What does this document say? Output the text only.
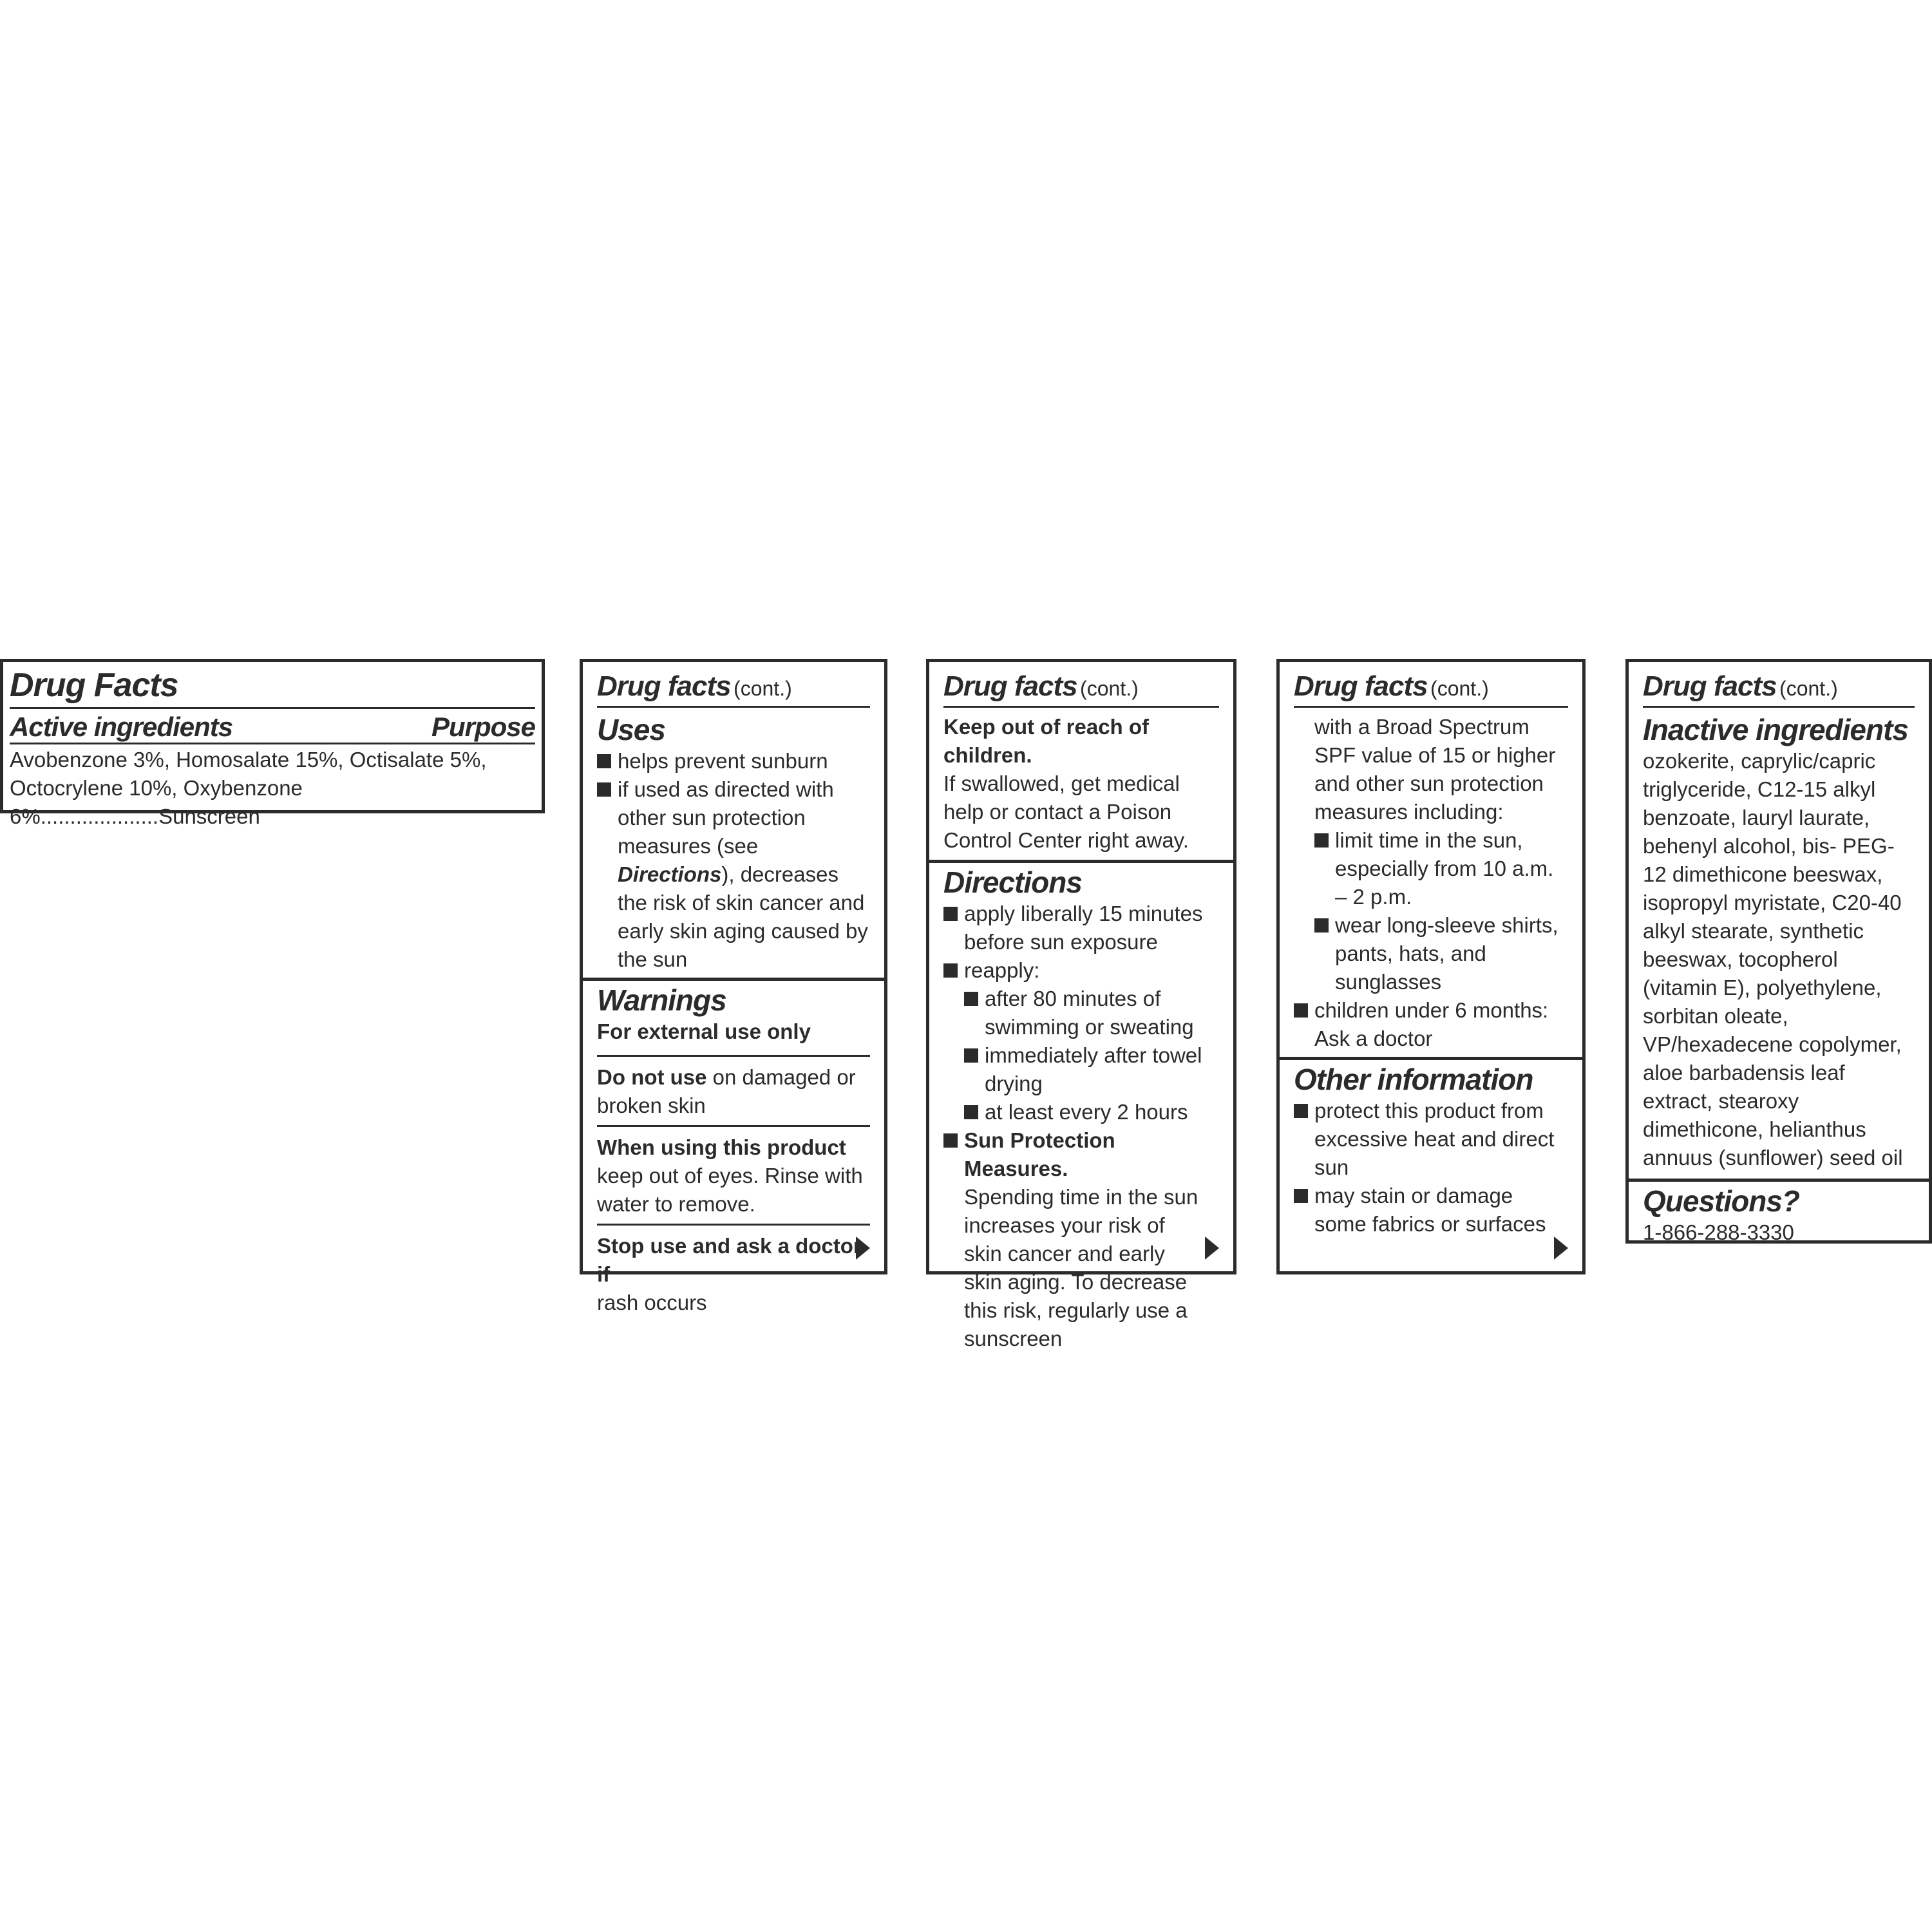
Drug Facts
Active ingredients	Purpose
Avobenzone 3%, Homosalate 15%, Octisalate 5%,
Octocrylene 10%, Oxybenzone 6%....................Sunscreen
Drug facts (cont.)
Uses
helps prevent sunburn
if used as directed with other sun protection measures (see Directions), decreases the risk of skin cancer and early skin aging caused by the sun
Warnings
For external use only
Do not use on damaged or broken skin
When using this product keep out of eyes. Rinse with water to remove.
Stop use and ask a doctor if
rash occurs
Drug facts (cont.)
Keep out of reach of children.
If swallowed, get medical help or contact a Poison Control Center right away.
Directions
apply liberally 15 minutes before sun exposure
reapply:
after 80 minutes of swimming or sweating
immediately after towel drying
at least every 2 hours
Sun Protection Measures.
Spending time in the sun increases your risk of skin cancer and early skin aging. To decrease this risk, regularly use a sunscreen
Drug facts (cont.)
with a Broad Spectrum SPF value of 15 or higher and other sun protection measures including:
limit time in the sun, especially from 10 a.m. – 2 p.m.
wear long-sleeve shirts, pants, hats, and sunglasses
children under 6 months: Ask a doctor
Other information
protect this product from excessive heat and direct sun
may stain or damage some fabrics or surfaces
Drug facts (cont.)
Inactive ingredients
ozokerite, caprylic/capric triglyceride, C12-15 alkyl benzoate, lauryl laurate, behenyl alcohol, bis- PEG-12 dimethicone beeswax, isopropyl myristate, C20-40 alkyl stearate, synthetic beeswax, tocopherol (vitamin E), polyethylene, sorbitan oleate, VP/hexadecene copolymer, aloe barbadensis leaf extract, stearoxy dimethicone, helianthus annuus (sunflower) seed oil
Questions?
1-866-288-3330
